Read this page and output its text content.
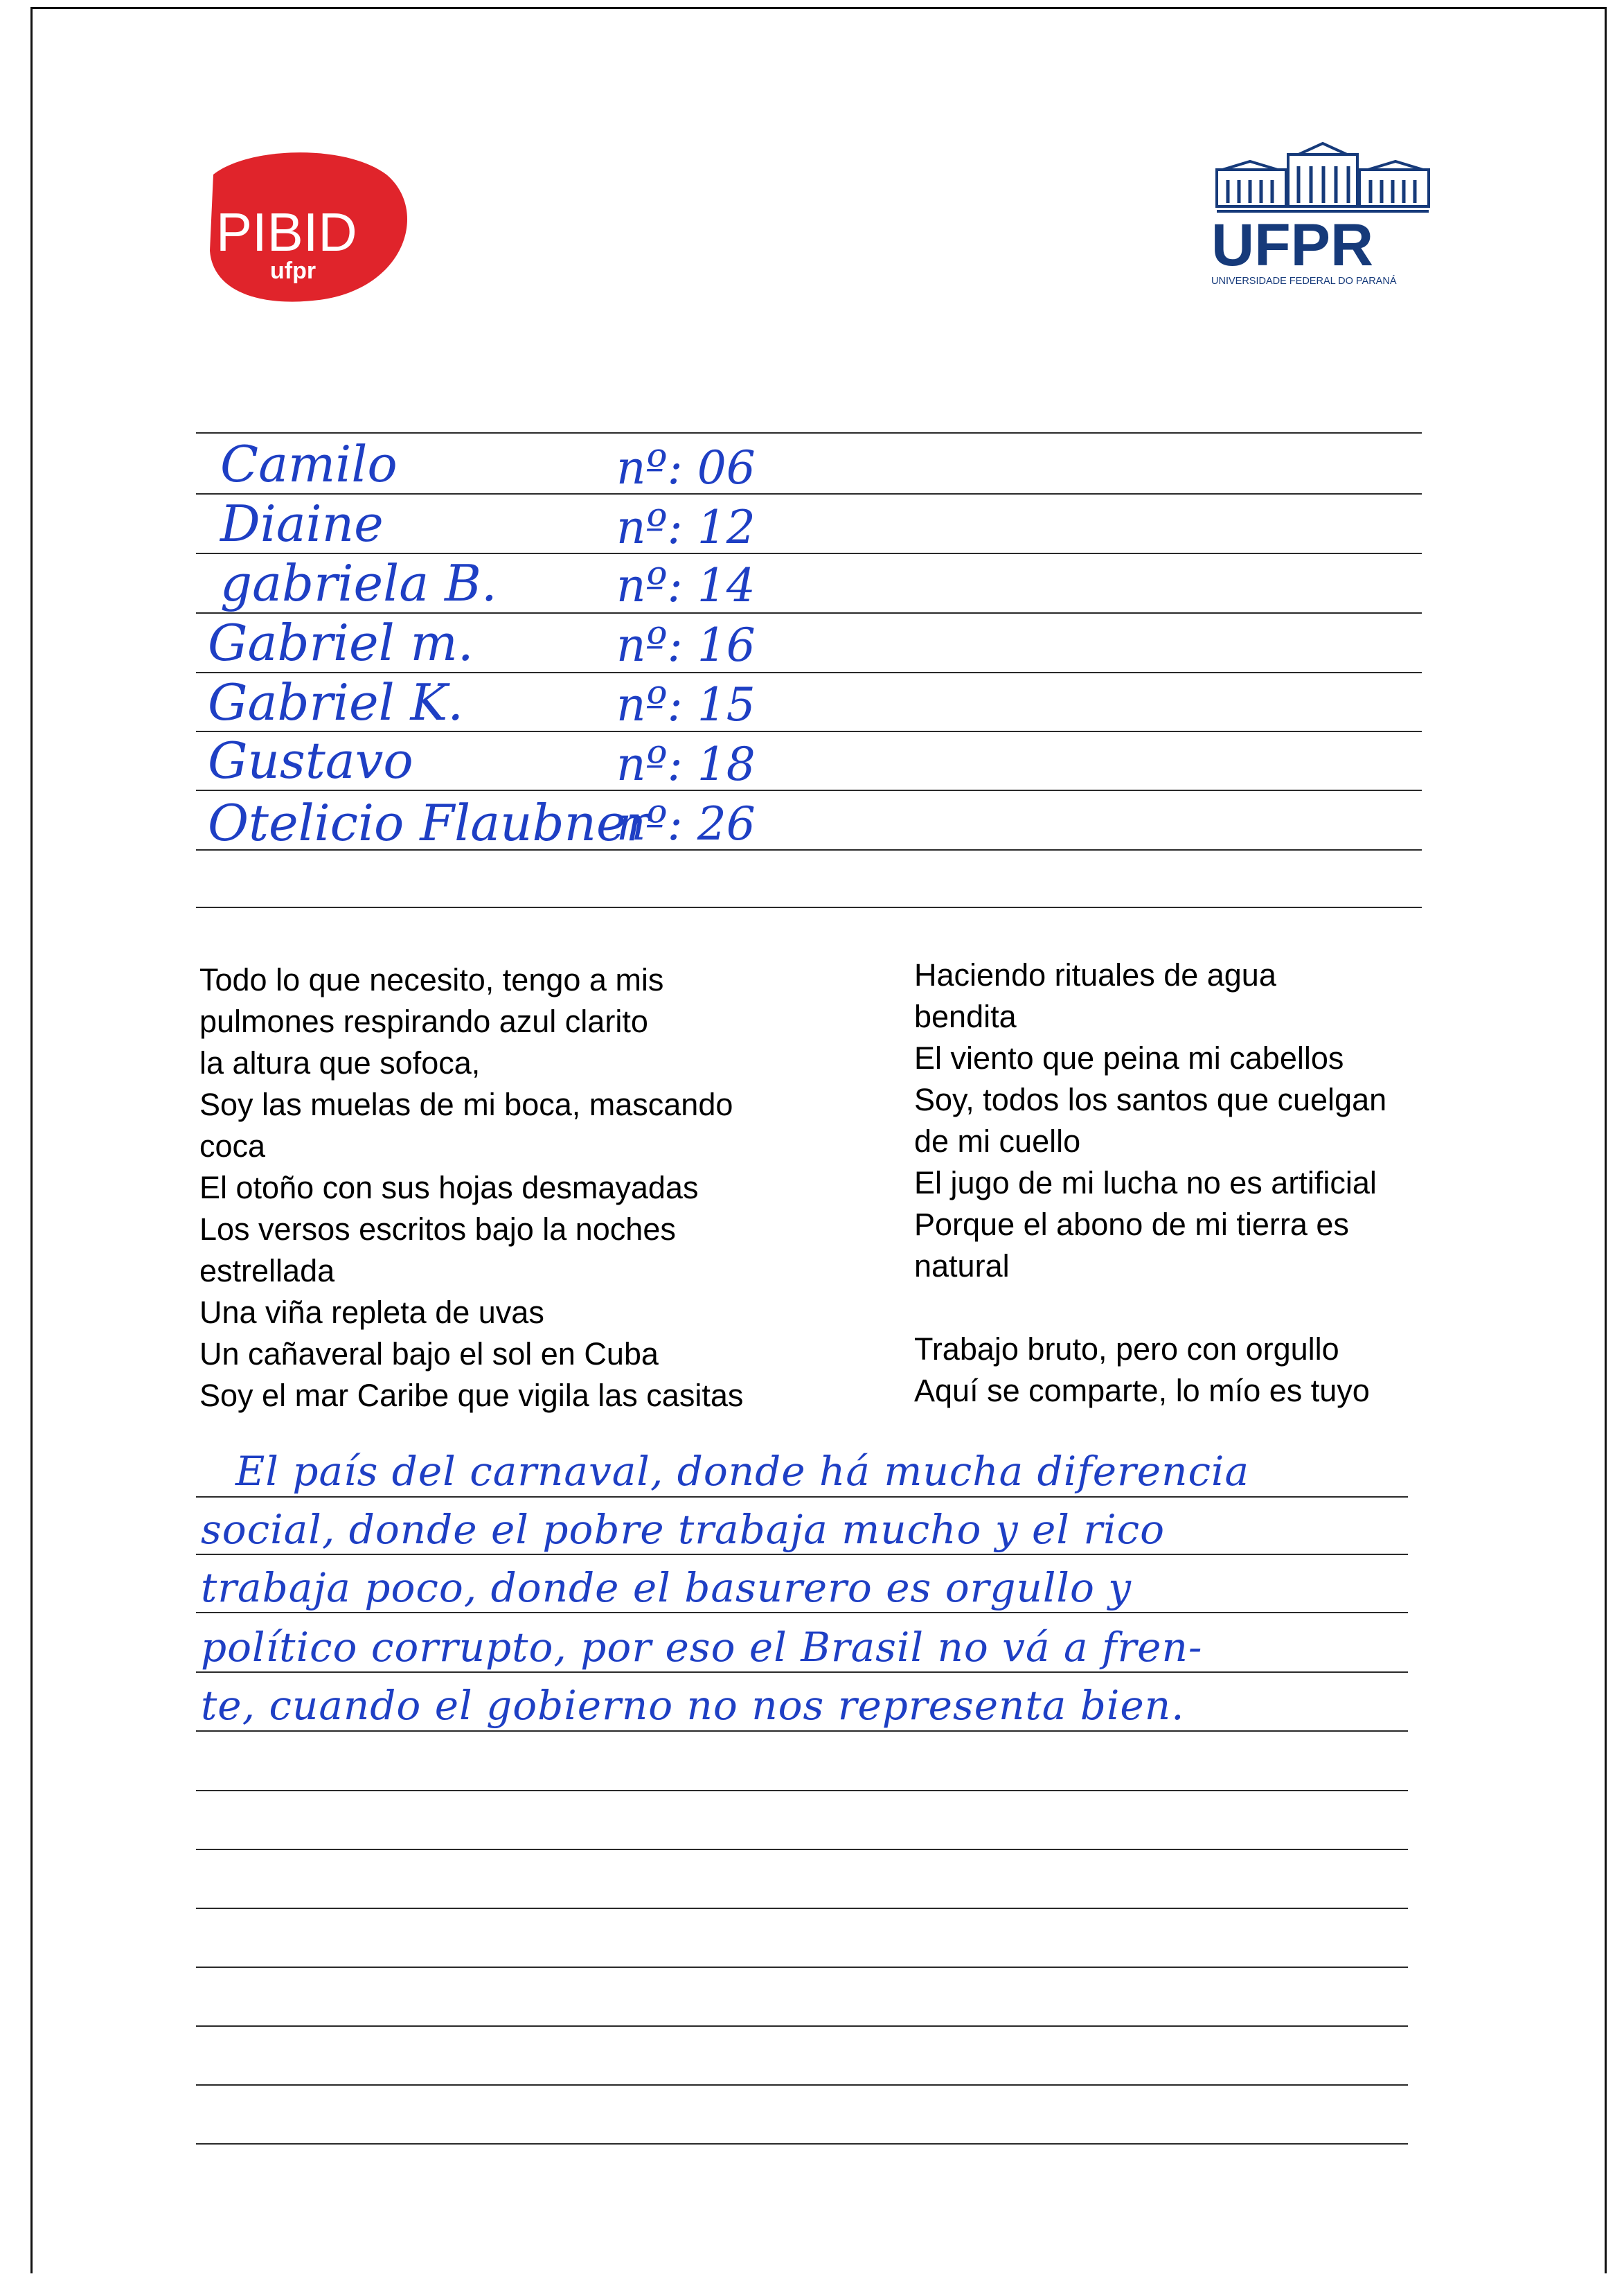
PIBID
ufpr	UFPR
UNIVERSIDADE FEDERAL DO PARANÁ
Camilo
Diaine
gabriela B.
Gabriel m.
Gabriel K.
Gustavo
Otelicio Flaubner
nº: 06
nº: 12
nº: 14
nº: 16
nº: 15
nº: 18
nº: 26
Todo lo que necesito, tengo a mis
pulmones respirando azul clarito
la altura que sofoca,
Soy las muelas de mi boca, mascando
coca
El otoño con sus hojas desmayadas
Los versos escritos bajo la noches
estrellada
Una viña repleta de uvas
Un cañaveral bajo el sol en Cuba
Soy el mar Caribe que vigila las casitas
Haciendo rituales de agua
bendita
El viento que peina mi cabellos
Soy, todos los santos que cuelgan
de mi cuello
El jugo de mi lucha no es artificial
Porque el abono de mi tierra es
natural
Trabajo bruto, pero con orgullo
Aquí se comparte, lo mío es tuyo
El país del carnaval, donde há mucha diferencia
social, donde el pobre trabaja mucho y el rico
trabaja poco, donde el basurero es orgullo y
político corrupto, por eso el Brasil no vá a fren-
te, cuando el gobierno no nos representa bien.
